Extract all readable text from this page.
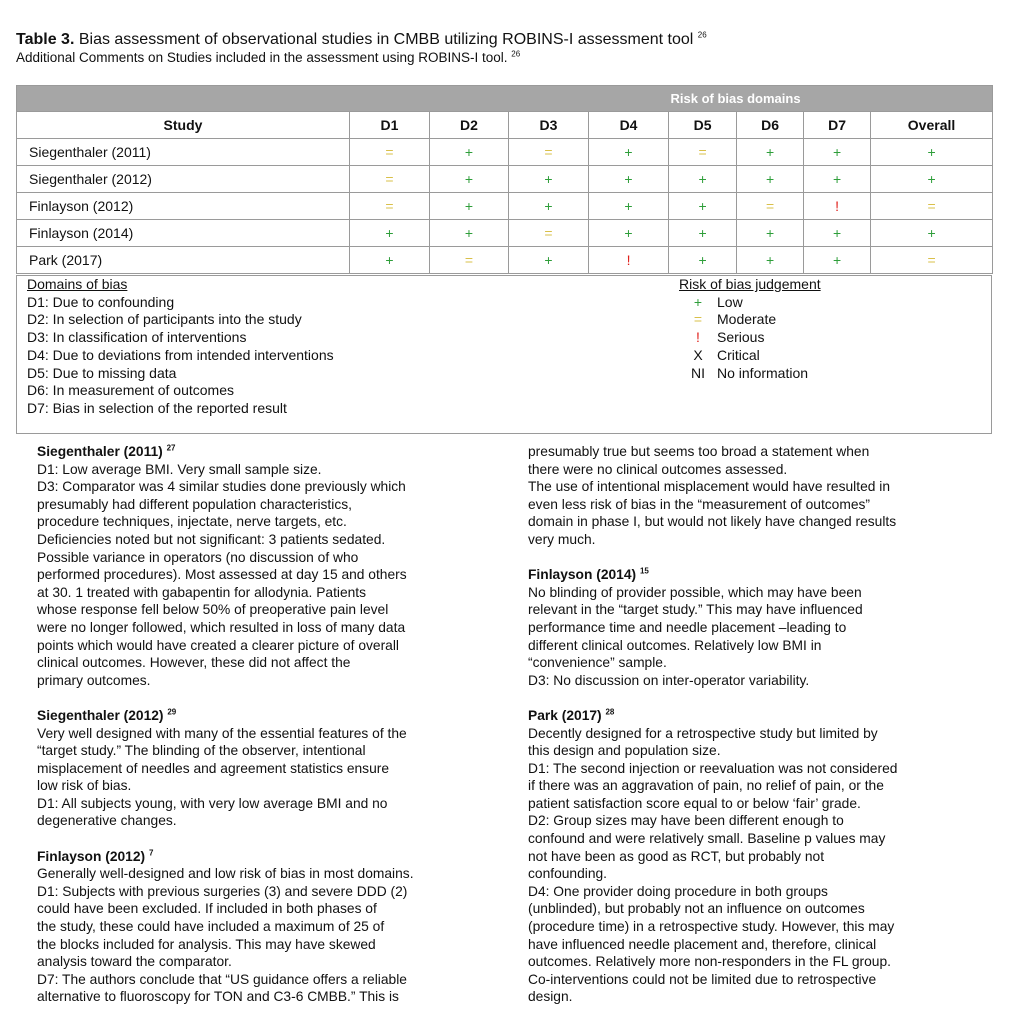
Table 3. Bias assessment of observational studies in CMBB utilizing ROBINS-I assessment tool $^{26}$
Additional Comments on Studies included in the assessment using ROBINS-I tool. $^{26}$
					Risk of bias domains			
Study	D1	D2	D3	D4	D5	D6	D7	Overall
Siegenthaler (2011)	=	+	=	+	=	+	+	+
Siegenthaler (2012)	=	+	+	+	+	+	+	+
Finlayson (2012)	=	+	+	+	+	=	!	=
Finlayson (2014)	+	+	=	+	+	+	+	+
Park (2017)	+	=	+	!	+	+	+	=
Domains of bias
D1: Due to confounding
D2: In selection of participants into the study
D3: In classification of interventions
D4: Due to deviations from intended interventions
D5: Due to missing data
D6: In measurement of outcomes
D7: Bias in selection of the reported result
Risk of bias judgement
+	Low
=	Moderate
!	Serious
X	Critical
NI No information

Siegenthaler (2011) $^{27}$

D1: Low average BMI. Very small sample size.

D3: Comparator was 4 similar studies done previously which

presumably had different population characteristics,

procedure techniques, injectate, nerve targets, etc.

Deficiencies noted but not significant: 3 patients sedated.

Possible variance in operators (no discussion of who

performed procedures). Most assessed at day 15 and others

at 30. 1 treated with gabapentin for allodynia. Patients

whose response fell below 50% of preoperative pain level

were no longer followed, which resulted in loss of many data

points which would have created a clearer picture of overall

clinical outcomes. However, these did not affect the

primary outcomes.

Siegenthaler (2012) $^{29}$

Very well designed with many of the essential features of the

“target study.” The blinding of the observer, intentional

misplacement of needles and agreement statistics ensure

low risk of bias.

D1: All subjects young, with very low average BMI and no

degenerative changes.

Finlayson (2012) $^7$

Generally well-designed and low risk of bias in most domains.

D1: Subjects with previous surgeries (3) and severe DDD (2)

could have been excluded. If included in both phases of

the study, these could have included a maximum of 25 of

the blocks included for analysis. This may have skewed

analysis toward the comparator.

D7: The authors conclude that “US guidance offers a reliable

alternative to fluoroscopy for TON and C3-6 CMBB.” This is

presumably true but seems too broad a statement when

there were no clinical outcomes assessed.

The use of intentional misplacement would have resulted in

even less risk of bias in the “measurement of outcomes”

domain in phase I, but would not likely have changed results

very much.

Finlayson (2014) $^{15}$

No blinding of provider possible, which may have been

relevant in the “target study.” This may have influenced

performance time and needle placement –leading to

different clinical outcomes. Relatively low BMI in

“convenience” sample.

D3: No discussion on inter-operator variability.

Park (2017) $^{28}$

Decently designed for a retrospective study but limited by

this design and population size.

D1: The second injection or reevaluation was not considered

if there was an aggravation of pain, no relief of pain, or the

patient satisfaction score equal to or below ‘fair’ grade.

D2: Group sizes may have been different enough to

confound and were relatively small. Baseline p values may

not have been as good as RCT, but probably not

confounding.

D4: One provider doing procedure in both groups

(unblinded), but probably not an influence on outcomes

(procedure time) in a retrospective study. However, this may

have influenced needle placement and, therefore, clinical

outcomes. Relatively more non-responders in the FL group.

Co-interventions could not be limited due to retrospective

design.
